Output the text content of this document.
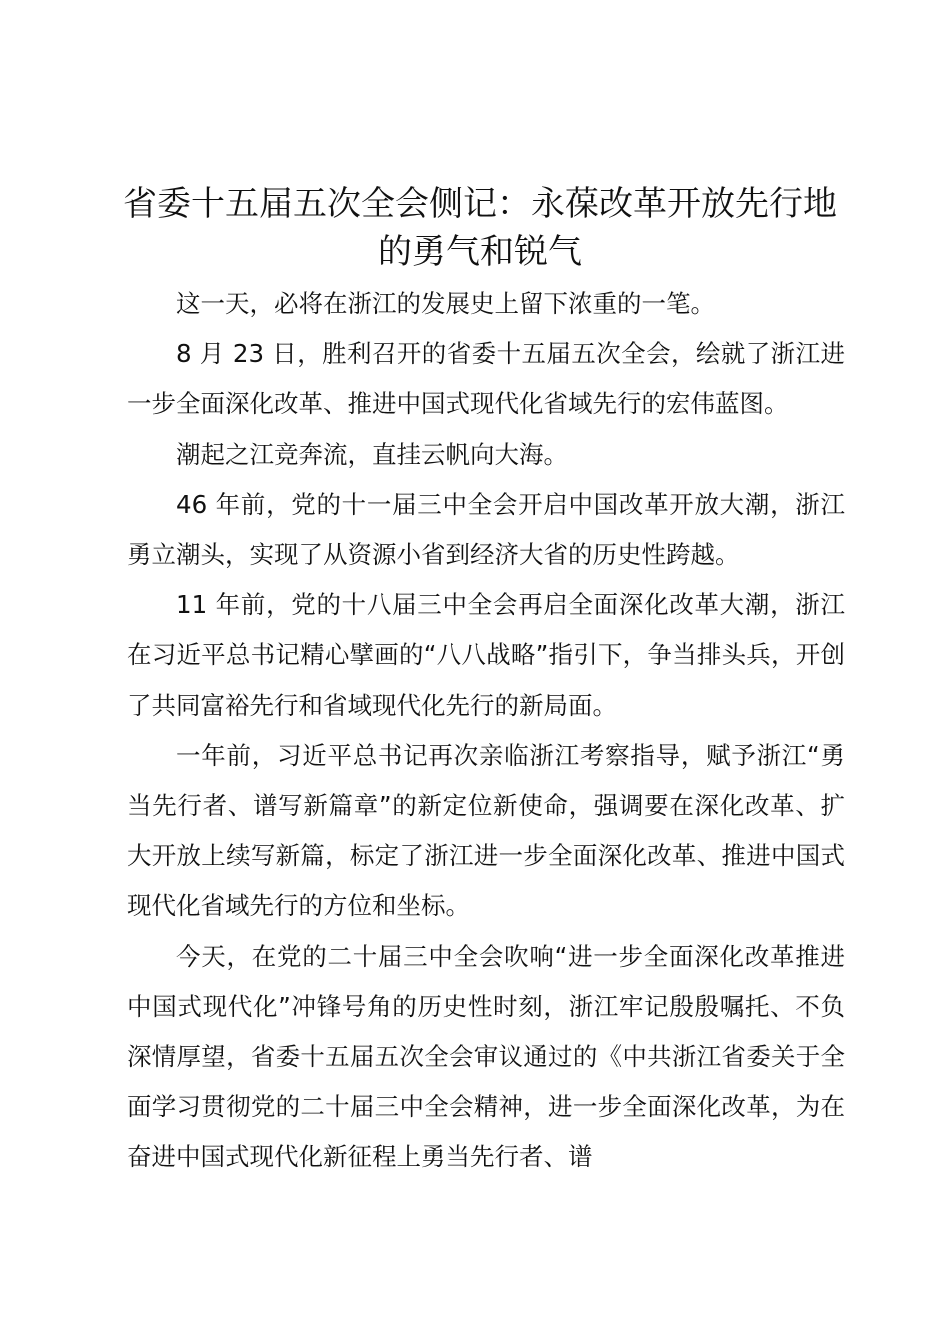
省委十五届五次全会侧记：永葆改革开放先行地的勇气和锐气

这一天，必将在浙江的发展史上留下浓重的一笔。

8 月 23 日，胜利召开的省委十五届五次全会，绘就了浙江进一步全面深化改革、推进中国式现代化省域先行的宏伟蓝图。

潮起之江竞奔流，直挂云帆向大海。

46 年前，党的十一届三中全会开启中国改革开放大潮，浙江勇立潮头，实现了从资源小省到经济大省的历史性跨越。

11 年前，党的十八届三中全会再启全面深化改革大潮，浙江在习近平总书记精心擘画的“八八战略”指引下，争当排头兵，开创了共同富裕先行和省域现代化先行的新局面。

一年前，习近平总书记再次亲临浙江考察指导，赋予浙江“勇当先行者、谱写新篇章”的新定位新使命，强调要在深化改革、扩大开放上续写新篇，标定了浙江进一步全面深化改革、推进中国式现代化省域先行的方位和坐标。

今天，在党的二十届三中全会吹响“进一步全面深化改革推进中国式现代化”冲锋号角的历史性时刻，浙江牢记殷殷嘱托、不负深情厚望，省委十五届五次全会审议通过的《中共浙江省委关于全面学习贯彻党的二十届三中全会精神，进一步全面深化改革，为在奋进中国式现代化新征程上勇当先行者、谱
